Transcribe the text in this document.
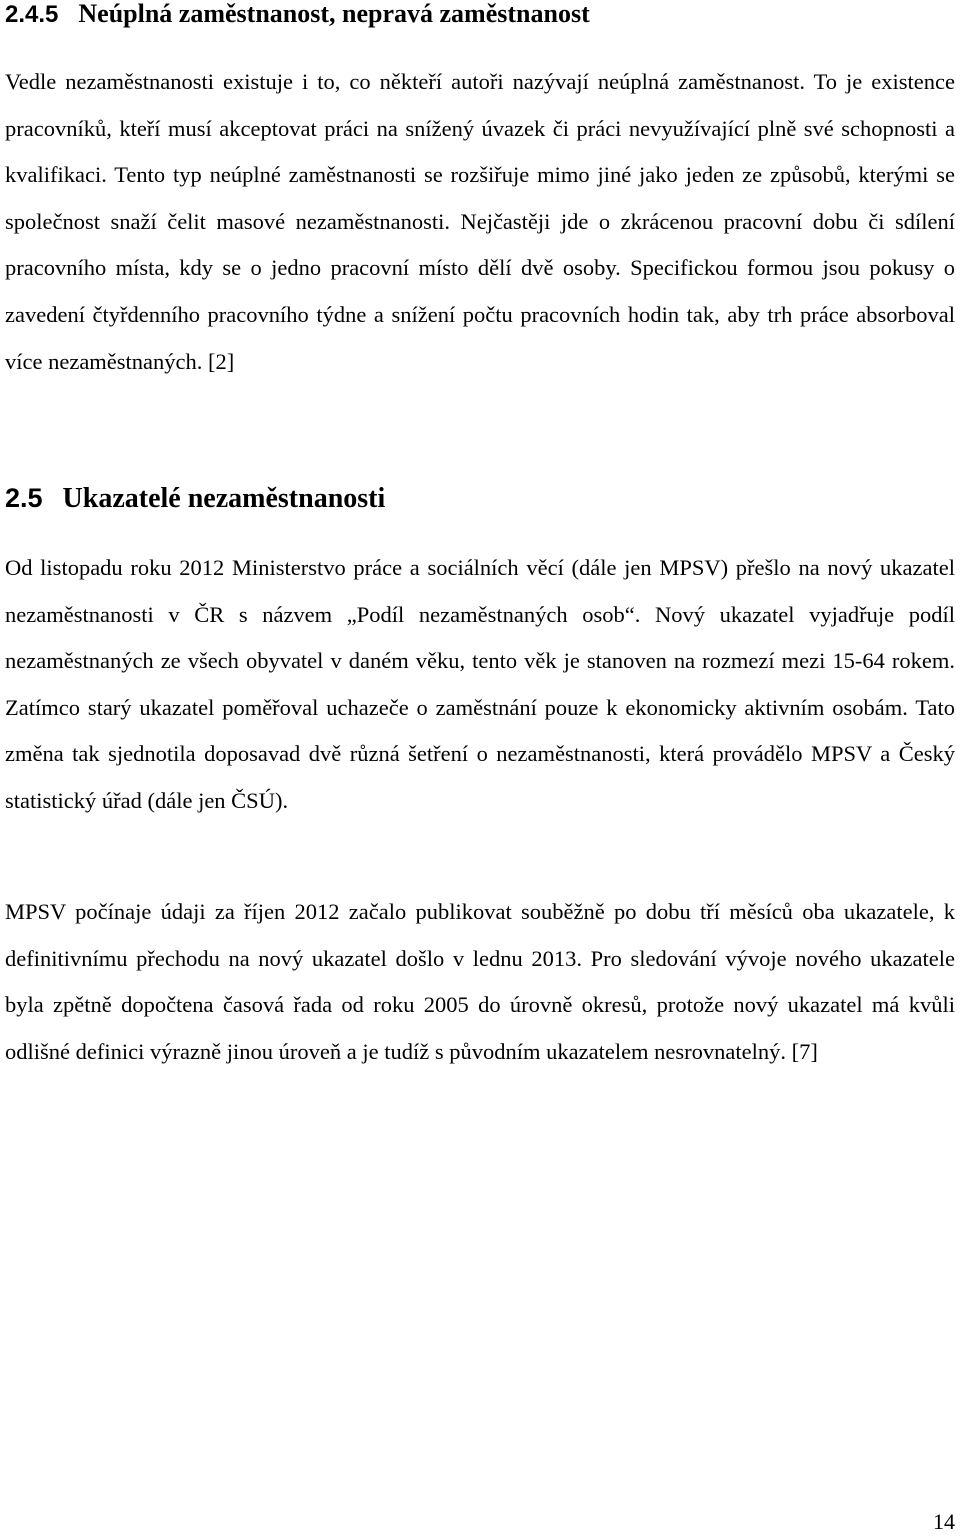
2.4.5 Neúplná zaměstnanost, nepravá zaměstnanost

Vedle nezaměstnanosti existuje i to, co někteří autoři nazývají neúplná zaměstnanost. To je existence pracovníků, kteří musí akceptovat práci na snížený úvazek či práci nevyužívající plně své schopnosti a kvalifikaci. Tento typ neúplné zaměstnanosti se rozšiřuje mimo jiné jako jeden ze způsobů, kterými se společnost snaží čelit masové nezaměstnanosti. Nejčastěji jde o zkrácenou pracovní dobu či sdílení pracovního místa, kdy se o jedno pracovní místo dělí dvě osoby. Specifickou formou jsou pokusy o zavedení čtyřdenního pracovního týdne a snížení počtu pracovních hodin tak, aby trh práce absorboval více nezaměstnaných. [2]

2.5 Ukazatelé nezaměstnanosti

Od listopadu roku 2012 Ministerstvo práce a sociálních věcí (dále jen MPSV) přešlo na nový ukazatel nezaměstnanosti v ČR s názvem „Podíl nezaměstnaných osob“. Nový ukazatel vyjadřuje podíl nezaměstnaných ze všech obyvatel v daném věku, tento věk je stanoven na rozmezí mezi 15-64 rokem. Zatímco starý ukazatel poměřoval uchazeče o zaměstnání pouze k ekonomicky aktivním osobám. Tato změna tak sjednotila doposavad dvě různá šetření o nezaměstnanosti, která provádělo MPSV a Český statistický úřad (dále jen ČSÚ).

MPSV počínaje údaji za říjen 2012 začalo publikovat souběžně po dobu tří měsíců oba ukazatele, k definitivnímu přechodu na nový ukazatel došlo v lednu 2013. Pro sledování vývoje nového ukazatele byla zpětně dopočtena časová řada od roku 2005 do úrovně okresů, protože nový ukazatel má kvůli odlišné definici výrazně jinou úroveň a je tudíž s původním ukazatelem nesrovnatelný. [7]

14
